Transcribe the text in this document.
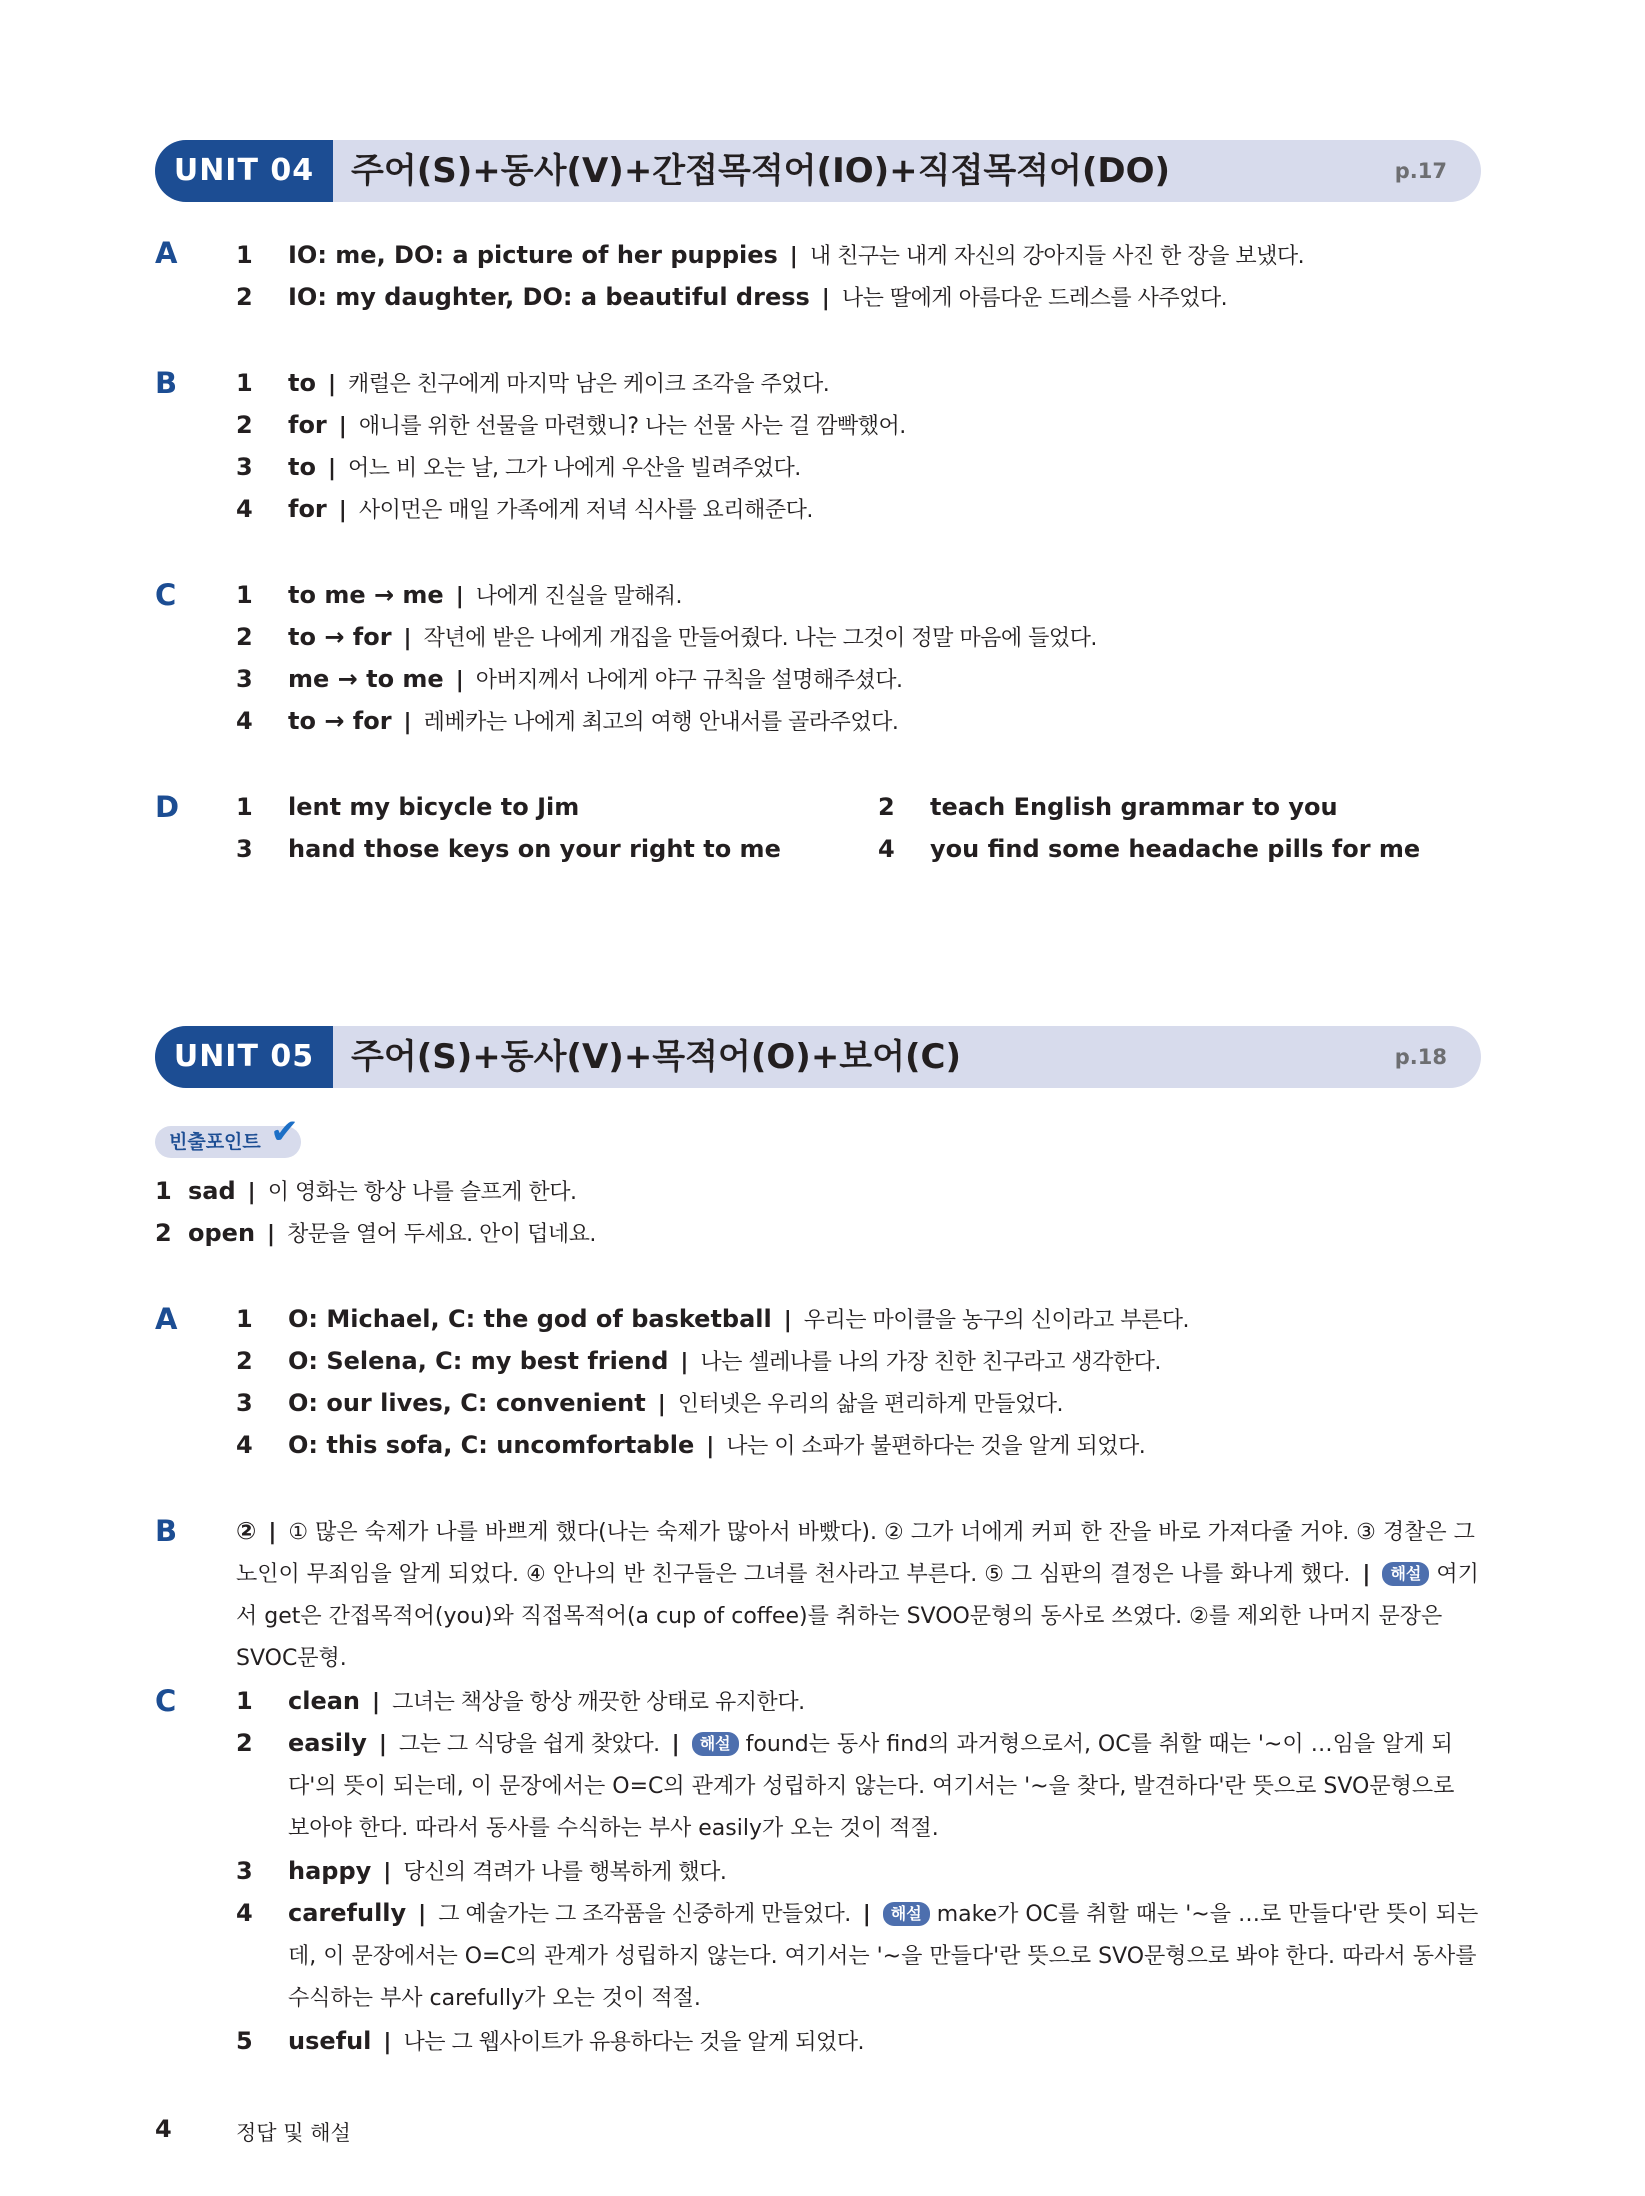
UNIT 04	주어(S)+동사(V)+간접목적어(IO)+직접목적어(DO)	p.17
A 1 IO: me, DO: a picture of her puppies | 내 친구는 내게 자신의 강아지들 사진 한 장을 보냈다.
2 IO: my daughter, DO: a beautiful dress | 나는 딸에게 아름다운 드레스를 사주었다.
B 1 to | 캐럴은 친구에게 마지막 남은 케이크 조각을 주었다.
2 for | 애니를 위한 선물을 마련했니? 나는 선물 사는 걸 깜빡했어.
3 to | 어느 비 오는 날, 그가 나에게 우산을 빌려주었다.
4 for | 사이먼은 매일 가족에게 저녁 식사를 요리해준다.
C 1 to me → me | 나에게 진실을 말해줘.
2 to → for | 작년에 받은 나에게 개집을 만들어줬다. 나는 그것이 정말 마음에 들었다.
3 me → to me | 아버지께서 나에게 야구 규칙을 설명해주셨다.
4 to → for | 레베카는 나에게 최고의 여행 안내서를 골라주었다.
D 1 lent my bicycle to Jim	2 teach English grammar to you
3 hand those keys on your right to me	4 you find some headache pills for me
UNIT 05	주어(S)+동사(V)+목적어(O)+보어(C)	p.18
빈출포인트 ✔
1 sad | 이 영화는 항상 나를 슬프게 한다.
2 open | 창문을 열어 두세요. 안이 덥네요.
A 1 O: Michael, C: the god of basketball | 우리는 마이클을 농구의 신이라고 부른다.
2 O: Selena, C: my best friend | 나는 셀레나를 나의 가장 친한 친구라고 생각한다.
3 O: our lives, C: convenient | 인터넷은 우리의 삶을 편리하게 만들었다.
4 O: this sofa, C: uncomfortable | 나는 이 소파가 불편하다는 것을 알게 되었다.
B ② | ① 많은 숙제가 나를 바쁘게 했다(나는 숙제가 많아서 바빴다). ② 그가 너에게 커피 한 잔을 바로 가져다줄 거야. ③ 경찰은 그 노인이 무죄임을 알게 되었다. ④ 안나의 반 친구들은 그녀를 천사라고 부른다. ⑤ 그 심판의 결정은 나를 화나게 했다. | 해설 여기서 get은 간접목적어(you)와 직접목적어(a cup of coffee)를 취하는 SVOO문형의 동사로 쓰였다. ②를 제외한 나머지 문장은 SVOC문형.
C 1 clean | 그녀는 책상을 항상 깨끗한 상태로 유지한다.
2 easily | 그는 그 식당을 쉽게 찾았다. | 해설 found는 동사 find의 과거형으로서, OC를 취할 때는 '~이 …임을 알게 되다'의 뜻이 되는데, 이 문장에서는 O=C의 관계가 성립하지 않는다. 여기서는 '~을 찾다, 발견하다'란 뜻으로 SVO문형으로 보아야 한다. 따라서 동사를 수식하는 부사 easily가 오는 것이 적절.
3 happy | 당신의 격려가 나를 행복하게 했다.
4 carefully | 그 예술가는 그 조각품을 신중하게 만들었다. | 해설 make가 OC를 취할 때는 '~을 …로 만들다'란 뜻이 되는데, 이 문장에서는 O=C의 관계가 성립하지 않는다. 여기서는 '~을 만들다'란 뜻으로 SVO문형으로 봐야 한다. 따라서 동사를 수식하는 부사 carefully가 오는 것이 적절.
5 useful | 나는 그 웹사이트가 유용하다는 것을 알게 되었다.
4	정답 및 해설
